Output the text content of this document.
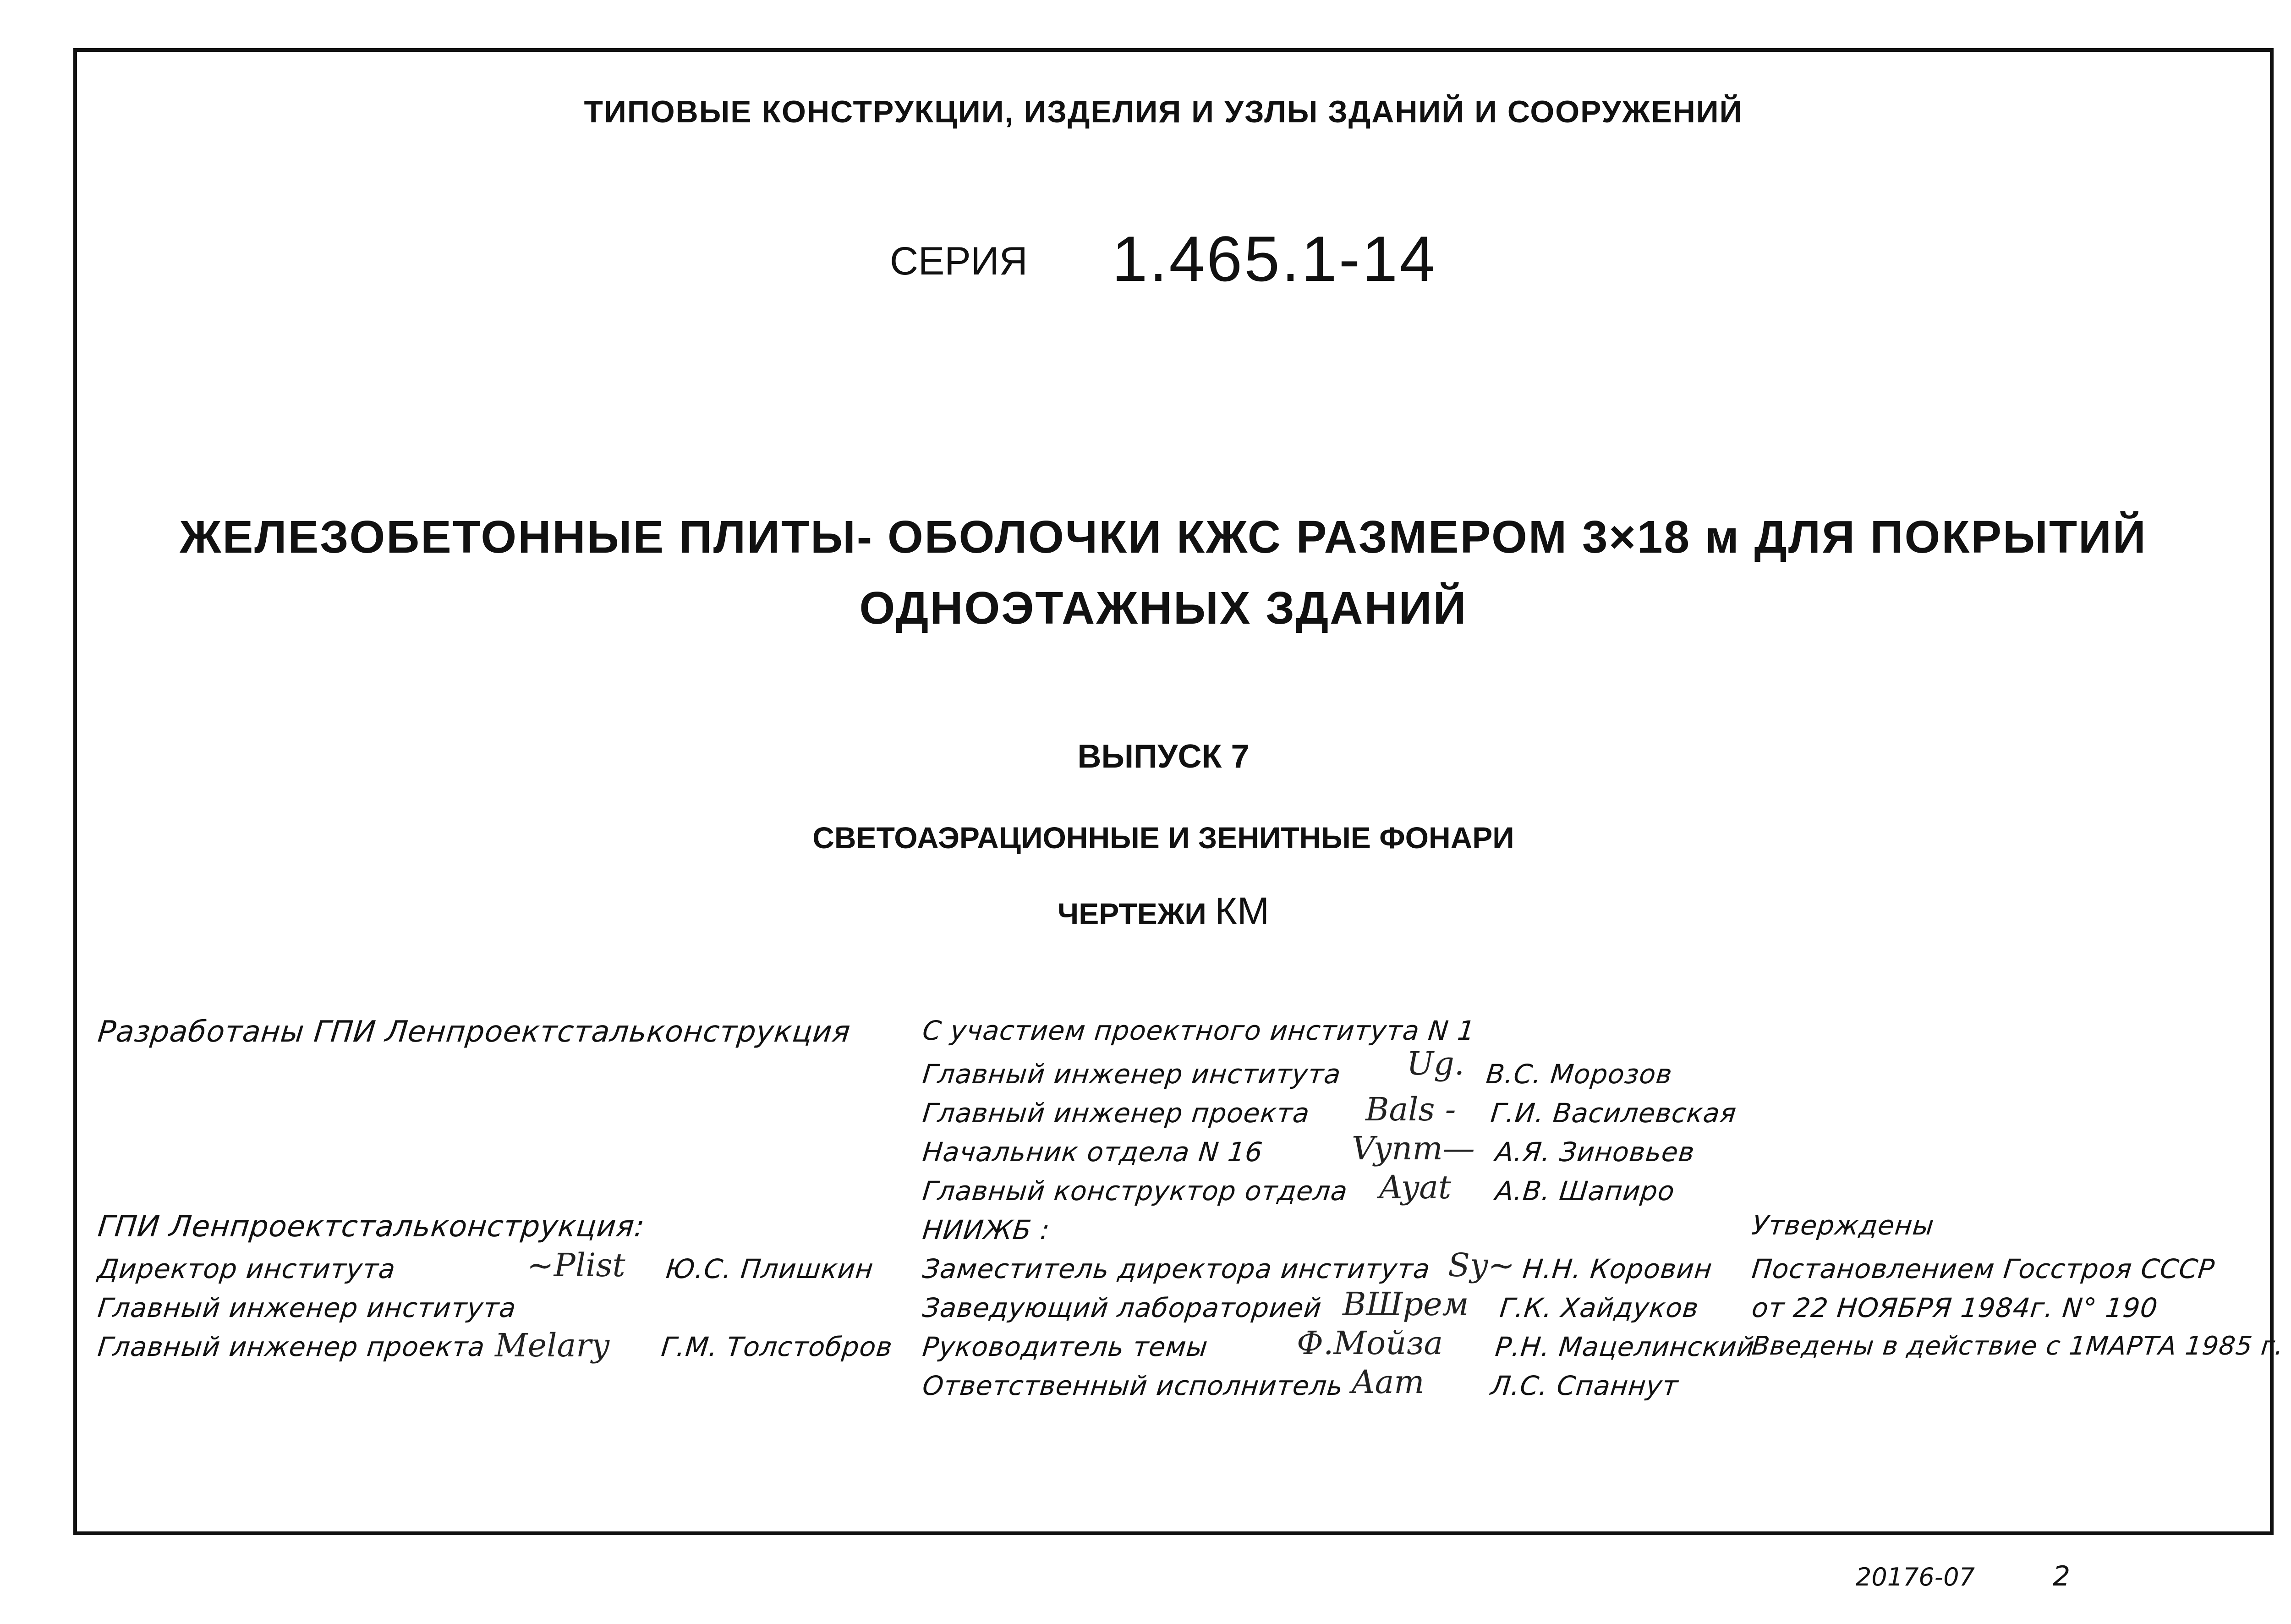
ТИПОВЫЕ КОНСТРУКЦИИ, ИЗДЕЛИЯ И УЗЛЫ ЗДАНИЙ И СООРУЖЕНИЙ
СЕРИЯ 1.465.1-14
ЖЕЛЕЗОБЕТОННЫЕ ПЛИТЫ- ОБОЛОЧКИ КЖС РАЗМЕРОМ 3×18 м ДЛЯ ПОКРЫТИЙ
ОДНОЭТАЖНЫХ ЗДАНИЙ
ВЫПУСК 7
СВЕТОАЭРАЦИОННЫЕ И ЗЕНИТНЫЕ ФОНАРИ
ЧЕРТЕЖИ КМ
Разработаны ГПИ Ленпроектстальконструкция
ГПИ Ленпроектстальконструкция:
Директор института	~Plist Ю.С. Плишкин
Главный инженер института
Главный инженер проекта Melary Г.М. Толстобров
С участием проектного института N 1
Главный инженер института Ug. В.С. Морозов
Главный инженер проекта Bals - Г.И. Василевская
Начальник отдела N 16	Vynm— А.Я. Зиновьев
Главный конструктор отдела Ayat А.В. Шапиро
НИИЖБ :
Заместитель директора института Sy~ Н.Н. Коровин
Заведующий лабораторией BШрем Г.К. Хайдуков
Руководитель темы	Ф.Мойза Р.Н. Мацелинский
Ответственный исполнитель Aam Л.С. Спаннут
Утверждены
Постановлением Госстроя СССР
от 22 НОЯБРЯ 1984г. N° 190
Введены в действие с 1МАРТА 1985 г.
20176-07	2
